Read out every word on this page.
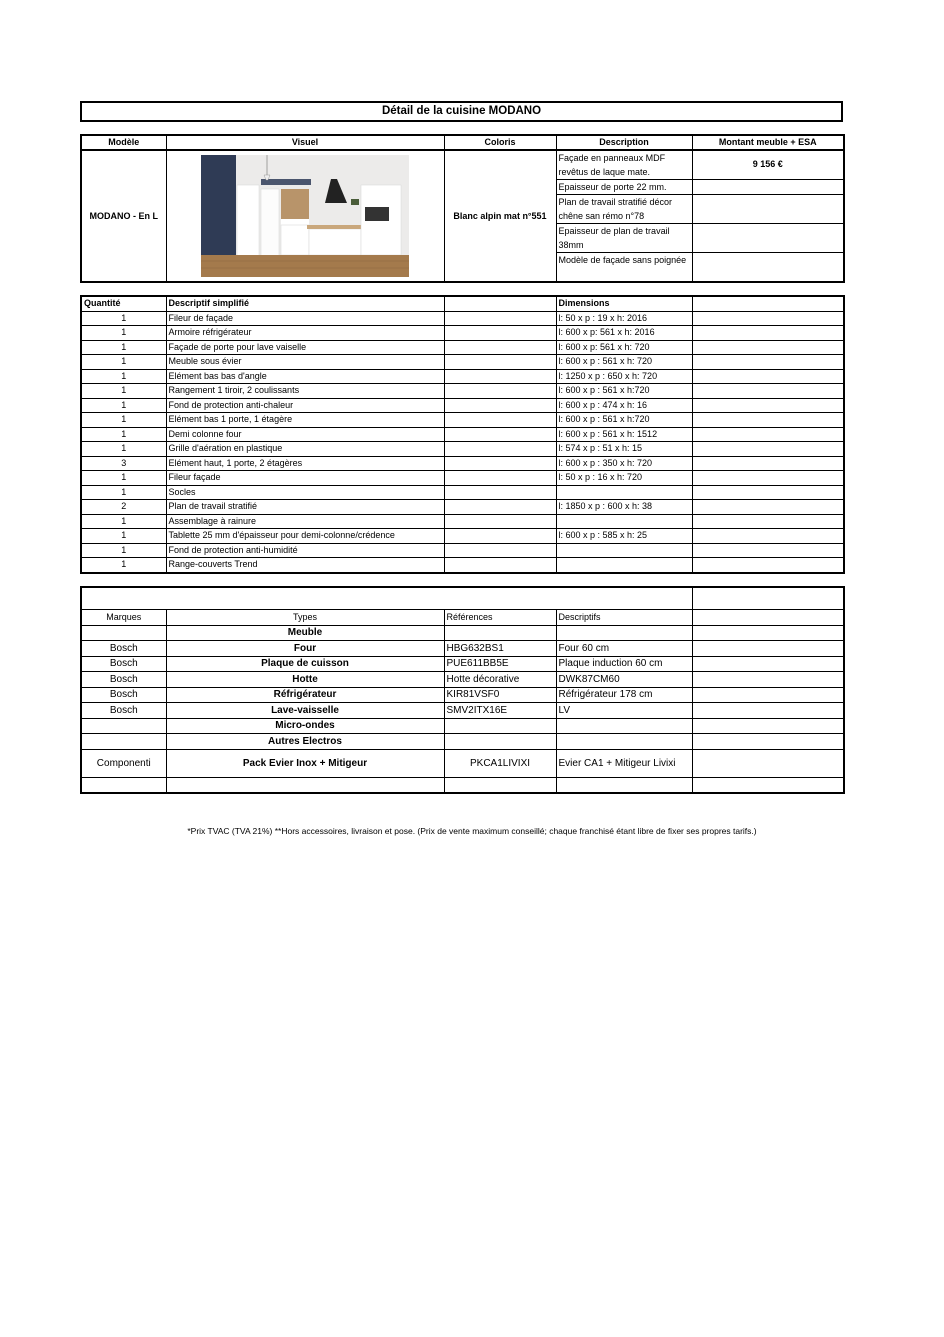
Détail de la cuisine MODANO
Modèle	Visuel	Coloris	Description	Montant meuble + ESA
MODANO - En L		Blanc alpin mat n°551	Façade en panneaux MDF revêtus de laque mate.	9 156 €
			Epaisseur de porte 22 mm.	
			Plan de travail stratifié décor chêne san rémo n°78	
			Epaisseur de plan de travail 38mm	
			Modèle de façade sans poignée	
Quantité	Descriptif simplifié		Dimensions	
1	Fileur de façade		l: 50 x p : 19 x h: 2016	
1	Armoire réfrigérateur		l: 600 x p: 561 x h: 2016	
1	Façade de porte pour lave vaiselle		l: 600 x p: 561 x h: 720	
1	Meuble sous évier		l: 600 x p : 561 x h: 720	
1	Elément bas bas d'angle		l: 1250 x p : 650 x h: 720	
1	Rangement 1 tiroir, 2 coulissants		l: 600 x p : 561 x h:720	
1	Fond de protection anti-chaleur		l: 600 x p : 474 x h: 16	
1	Elément bas 1 porte, 1 étagère		l: 600 x p : 561 x h:720	
1	Demi colonne four		l: 600 x p : 561 x h: 1512	
1	Grille d'aération en plastique		l: 574 x p : 51 x h: 15	
3	Elément haut, 1 porte, 2 étagères		l: 600 x p : 350 x h: 720	
1	Fileur façade		l: 50 x p : 16 x h: 720	
1	Socles			
2	Plan de travail stratifié		l: 1850 x p : 600 x h: 38	
1	Assemblage à rainure			
1	Tablette 25 mm d'épaisseur pour demi-colonne/crédence		l: 600 x p : 585 x h: 25	
1	Fond de protection anti-humidité			
1	Range-couverts Trend			

Marques	Types	Références	Descriptifs	
	Meuble			
Bosch	Four	HBG632BS1	Four 60 cm	
Bosch	Plaque de cuisson	PUE611BB5E	Plaque induction 60 cm	
Bosch	Hotte	Hotte décorative	DWK87CM60	
Bosch	Réfrigérateur	KIR81VSF0	Réfrigérateur 178 cm	
Bosch	Lave-vaisselle	SMV2ITX16E	LV	
	Micro-ondes			
	Autres Electros			
Componenti	Pack Evier Inox + Mitigeur	PKCA1LIVIXI	Evier CA1 + Mitigeur Livixi	

*Prix TVAC (TVA 21%) **Hors accessoires, livraison et pose. (Prix de vente maximum conseillé; chaque franchisé étant libre de fixer ses propres tarifs.)
